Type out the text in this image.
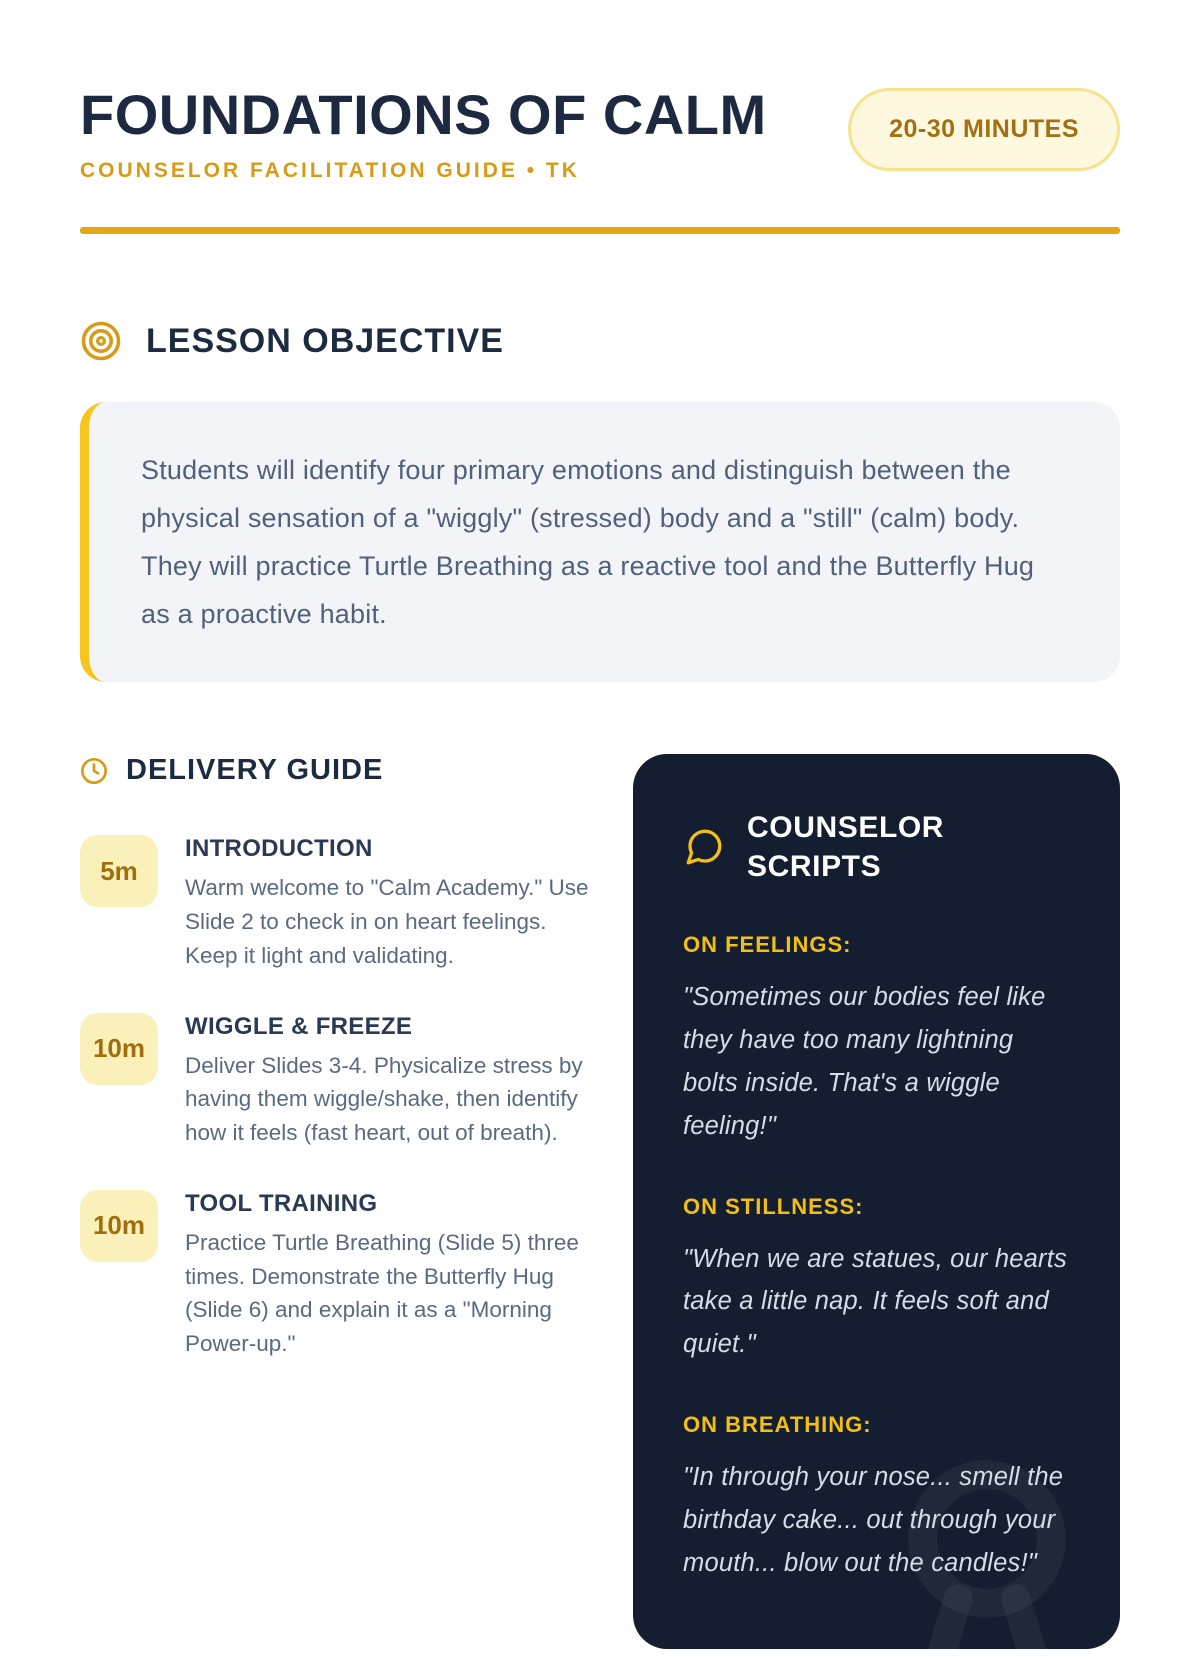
FOUNDATIONS OF CALM
COUNSELOR FACILITATION GUIDE • TK
20-30 MINUTES
LESSON OBJECTIVE

Students will identify four primary emotions and distinguish between the physical sensation of a "wiggly" (stressed) body and a "still" (calm) body. They will practice Turtle Breathing as a reactive tool and the Butterfly Hug as a proactive habit.

DELIVERY GUIDE
5m
INTRODUCTION

Warm welcome to "Calm Academy." Use Slide 2 to check in on heart feelings. Keep it light and validating.

10m
WIGGLE & FREEZE

Deliver Slides 3-4. Physicalize stress by having them wiggle/shake, then identify how it feels (fast heart, out of breath).

10m
TOOL TRAINING

Practice Turtle Breathing (Slide 5) three times. Demonstrate the Butterfly Hug (Slide 6) and explain it as a "Morning Power-up."

COUNSELOR SCRIPTS
ON FEELINGS:

"Sometimes our bodies feel like they have too many lightning bolts inside. That's a wiggle feeling!"

ON STILLNESS:

"When we are statues, our hearts take a little nap. It feels soft and quiet."

ON BREATHING:

"In through your nose... smell the birthday cake... out through your mouth... blow out the candles!"
